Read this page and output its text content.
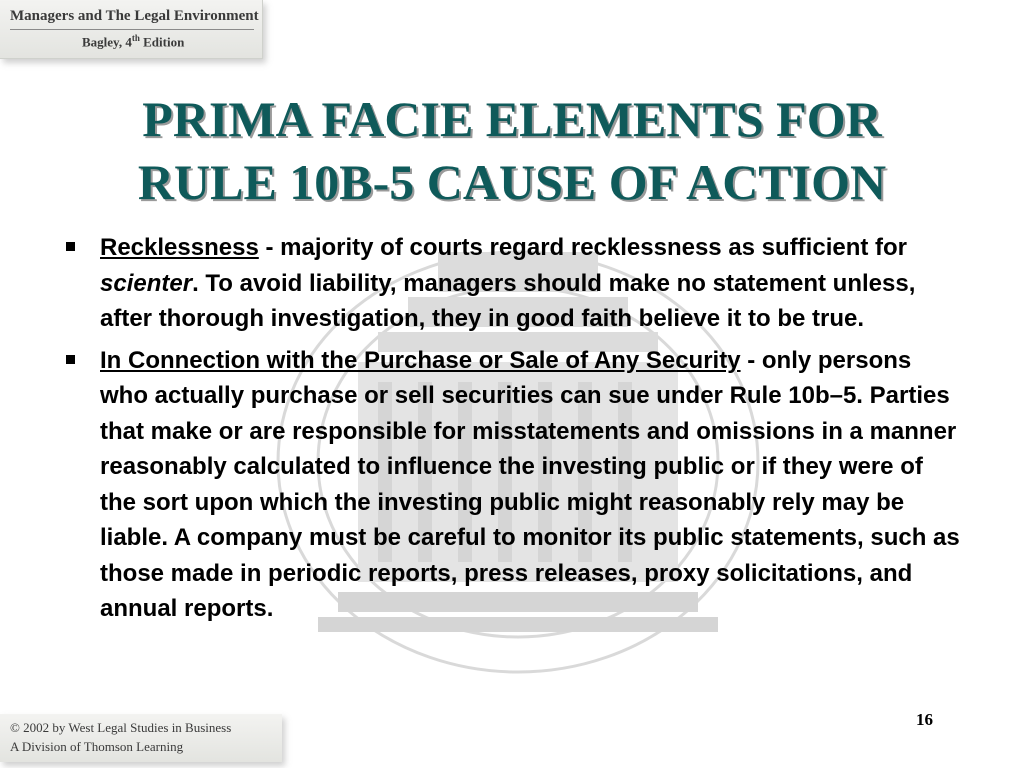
Managers and The Legal Environment
Bagley, 4th Edition
PRIMA FACIE ELEMENTS FOR
RULE 10B-5 CAUSE OF ACTION
Recklessness - majority of courts regard recklessness as sufficient for scienter. To avoid liability, managers should make no statement unless, after thorough investigation, they in good faith believe it to be true.
In Connection with the Purchase or Sale of Any Security - only persons who actually purchase or sell securities can sue under Rule 10b–5. Parties that make or are responsible for misstatements and omissions in a manner reasonably calculated to influence the investing public or if they were of the sort upon which the investing public might reasonably rely may be liable. A company must be careful to monitor its public statements, such as those made in periodic reports, press releases, proxy solicitations, and annual reports.
16
© 2002 by West Legal Studies in Business
A Division of Thomson Learning
